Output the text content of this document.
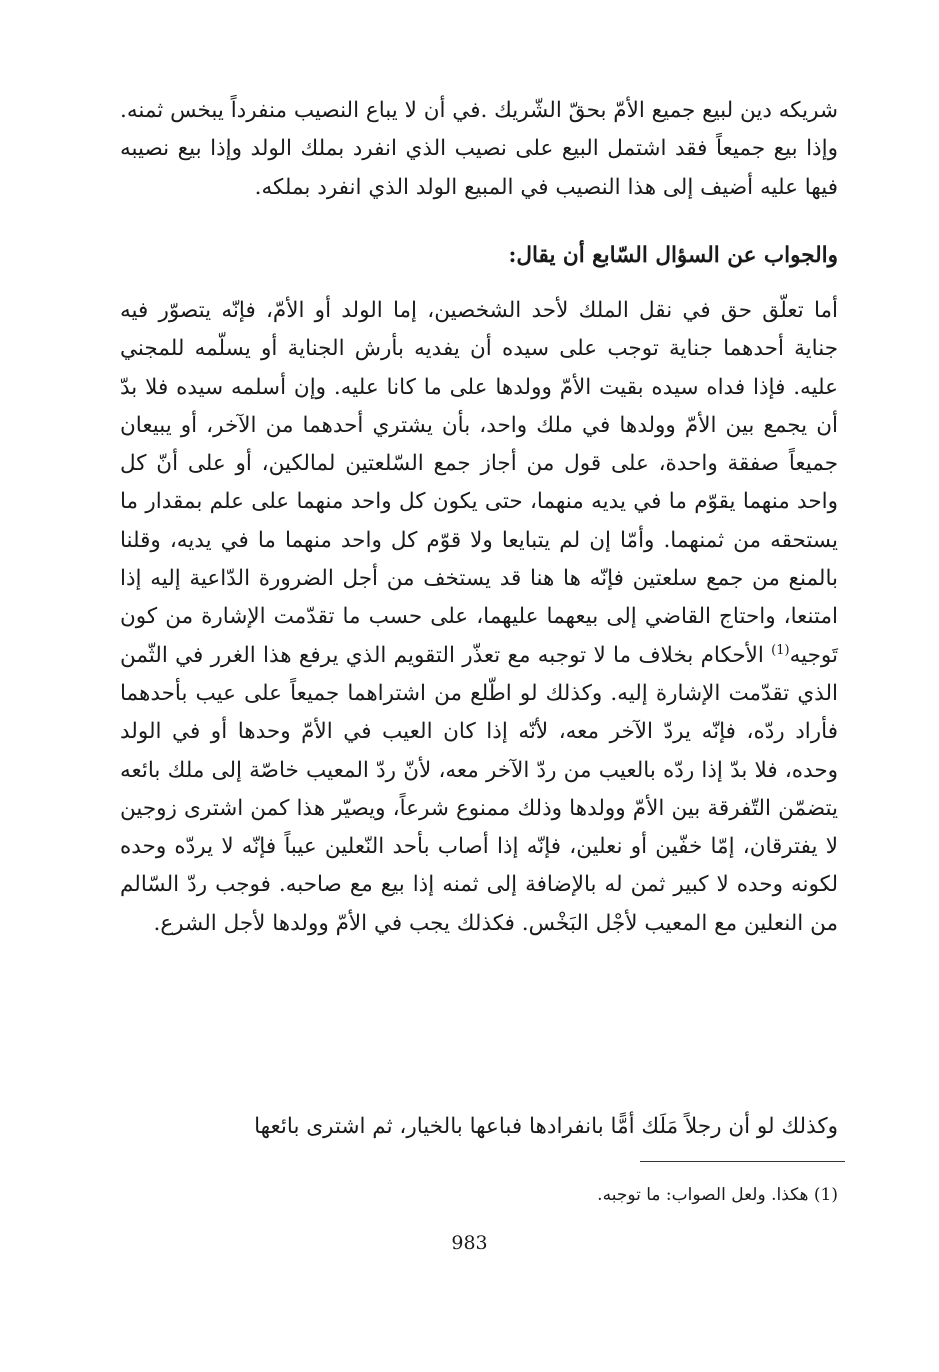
شريكه دين لبيع جميع الأمّ بحقّ الشّريك .في أن لا يباع النصيب منفرداً يبخس ثمنه. وإذا بيع جميعاً فقد اشتمل البيع على نصيب الذي انفرد بملك الولد وإذا بيع نصيبه فيها عليه أضيف إلى هذا النصيب في المبيع الولد الذي انفرد بملكه.

والجواب عن السؤال السّابع أن يقال:

أما تعلّق حق في نقل الملك لأحد الشخصين، إما الولد أو الأمّ، فإنّه يتصوّر فيه جناية أحدهما جناية توجب على سيده أن يفديه بأرش الجناية أو يسلّمه للمجني عليه. فإذا فداه سيده بقيت الأمّ وولدها على ما كانا عليه. وإن أسلمه سيده فلا بدّ أن يجمع بين الأمّ وولدها في ملك واحد، بأن يشتري أحدهما من الآخر، أو يبيعان جميعاً صفقة واحدة، على قول من أجاز جمع السّلعتين لمالكين، أو على أنّ كل واحد منهما يقوّم ما في يديه منهما، حتى يكون كل واحد منهما على علم بمقدار ما يستحقه من ثمنهما. وأمّا إن لم يتبايعا ولا قوّم كل واحد منهما ما في يديه، وقلنا بالمنع من جمع سلعتين فإنّه ها هنا قد يستخف من أجل الضرورة الدّاعية إليه إذا امتنعا، واحتاج القاضي إلى بيعهما عليهما، على حسب ما تقدّمت الإشارة من كون تَوجيه$^{(1)}$ الأحكام بخلاف ما لا توجبه مع تعذّر التقويم الذي يرفع هذا الغرر في الثّمن الذي تقدّمت الإشارة إليه. وكذلك لو اطّلع من اشتراهما جميعاً على عيب بأحدهما فأراد ردّه، فإنّه يردّ الآخر معه، لأنّه إذا كان العيب في الأمّ وحدها أو في الولد وحده، فلا بدّ إذا ردّه بالعيب من ردّ الآخر معه، لأنّ ردّ المعيب خاصّة إلى ملك بائعه يتضمّن التّفرقة بين الأمّ وولدها وذلك ممنوع شرعاً، ويصيّر هذا كمن اشترى زوجين لا يفترقان، إمّا خفّين أو نعلين، فإنّه إذا أصاب بأحد النّعلين عيباً فإنّه لا يردّه وحده لكونه وحده لا كبير ثمن له بالإضافة إلى ثمنه إذا بيع مع صاحبه. فوجب ردّ السّالم من النعلين مع المعيب لأجْل البَخْس. فكذلك يجب في الأمّ وولدها لأجل الشرع.

وكذلك لو أن رجلاً مَلَك أمًّا بانفرادها فباعها بالخيار، ثم اشترى بائعها

(1) هكذا. ولعل الصواب: ما توجبه.

983
